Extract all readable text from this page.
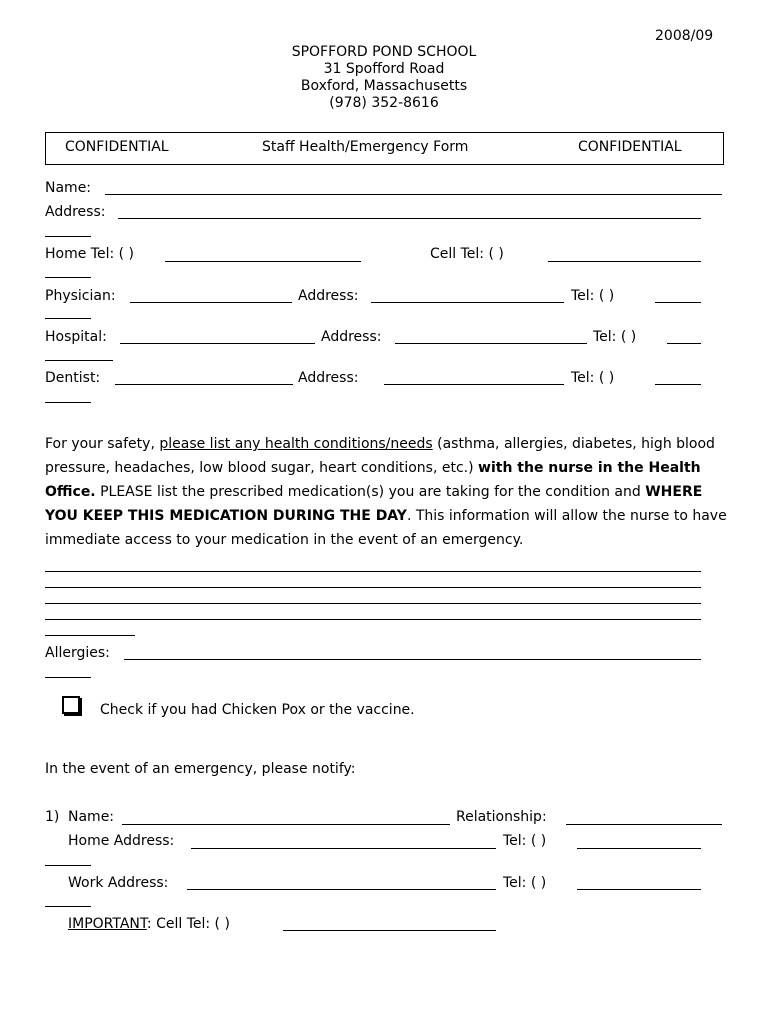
2008/09
SPOFFORD POND SCHOOL
31 Spofford Road
Boxford, Massachusetts
(978) 352-8616
CONFIDENTIAL	Staff Health/Emergency Form	CONFIDENTIAL
Name:
Address:
Home Tel: ( )	Cell Tel: ( )
Physician:	Address:	Tel: ( )
Hospital:	Address:	Tel: ( )
Dentist:	Address:	Tel: ( )
For your safety, please list any health conditions/needs (asthma, allergies, diabetes, high blood
pressure, headaches, low blood sugar, heart conditions, etc.) with the nurse in the Health
Office. PLEASE list the prescribed medication(s) you are taking for the condition and WHERE
YOU KEEP THIS MEDICATION DURING THE DAY. This information will allow the nurse to have
immediate access to your medication in the event of an emergency.
Allergies:
Check if you had Chicken Pox or the vaccine.
In the event of an emergency, please notify:
1) Name:	Relationship:
Home Address:	Tel: ( )
Work Address:	Tel: ( )
IMPORTANT: Cell Tel: ( )
